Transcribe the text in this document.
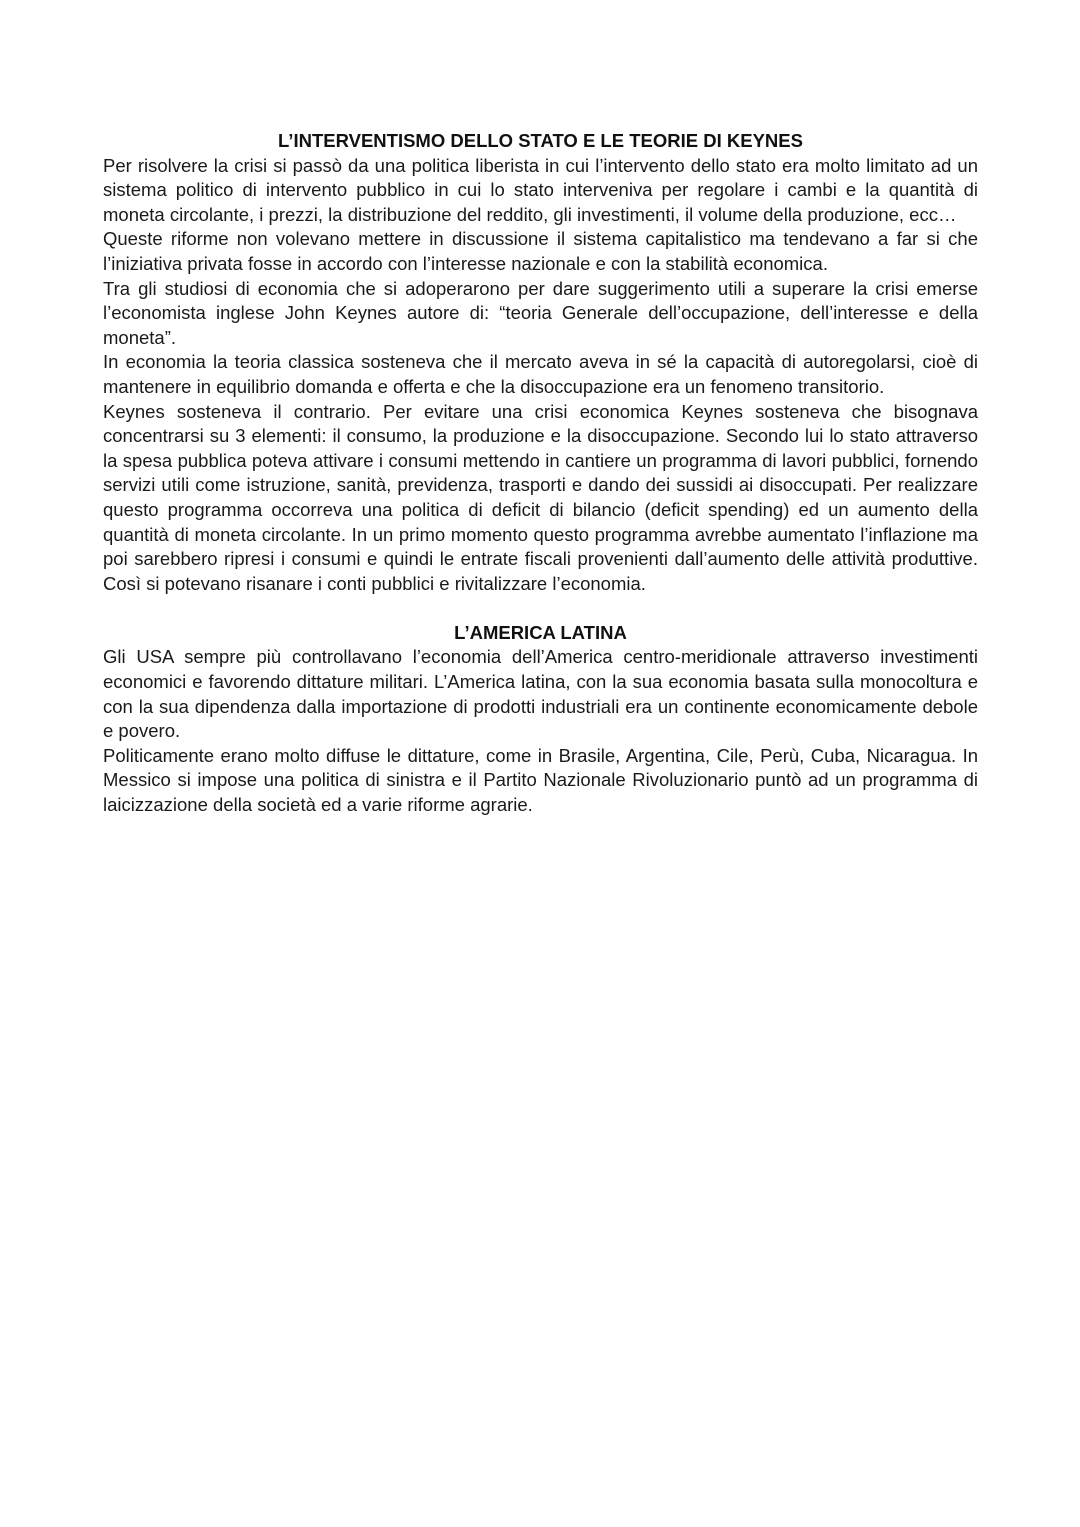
L’INTERVENTISMO DELLO STATO E LE TEORIE DI KEYNES

Per risolvere la crisi si passò da una politica liberista in cui l’intervento dello stato era molto limitato ad un sistema politico di intervento pubblico in cui lo stato interveniva per regolare i cambi e la quantità di moneta circolante, i prezzi, la distribuzione del reddito, gli investimenti, il volume della produzione, ecc…

Queste riforme non volevano mettere in discussione il sistema capitalistico ma tendevano a far si che l’iniziativa privata fosse in accordo con l’interesse nazionale e con la stabilità economica.

Tra gli studiosi di economia che si adoperarono per dare suggerimento utili a superare la crisi emerse l’economista inglese John Keynes autore di: “teoria Generale dell’occupazione, dell’interesse e della moneta”.

In economia la teoria classica sosteneva che il mercato aveva in sé la capacità di autoregolarsi, cioè di mantenere in equilibrio domanda e offerta e che la disoccupazione era un fenomeno transitorio.

Keynes sosteneva il contrario. Per evitare una crisi economica Keynes sosteneva che bisognava concentrarsi su 3 elementi: il consumo, la produzione e la disoccupazione. Secondo lui lo stato attraverso la spesa pubblica poteva attivare i consumi mettendo in cantiere un programma di lavori pubblici, fornendo servizi utili come istruzione, sanità, previdenza, trasporti e dando dei sussidi ai disoccupati. Per realizzare questo programma occorreva una politica di deficit di bilancio (deficit spending) ed un aumento della quantità di moneta circolante. In un primo momento questo programma avrebbe aumentato l’inflazione ma poi sarebbero ripresi i consumi e quindi le entrate fiscali provenienti dall’aumento delle attività produttive. Così si potevano risanare i conti pubblici e rivitalizzare l’economia.

L’AMERICA LATINA

Gli USA sempre più controllavano l’economia dell’America centro-meridionale attraverso investimenti economici e favorendo dittature militari. L’America latina, con la sua economia basata sulla monocoltura e con la sua dipendenza dalla importazione di prodotti industriali era un continente economicamente debole e povero.

Politicamente erano molto diffuse le dittature, come in Brasile, Argentina, Cile, Perù, Cuba, Nicaragua. In Messico si impose una politica di sinistra e il Partito Nazionale Rivoluzionario puntò ad un programma di laicizzazione della società ed a varie riforme agrarie.
